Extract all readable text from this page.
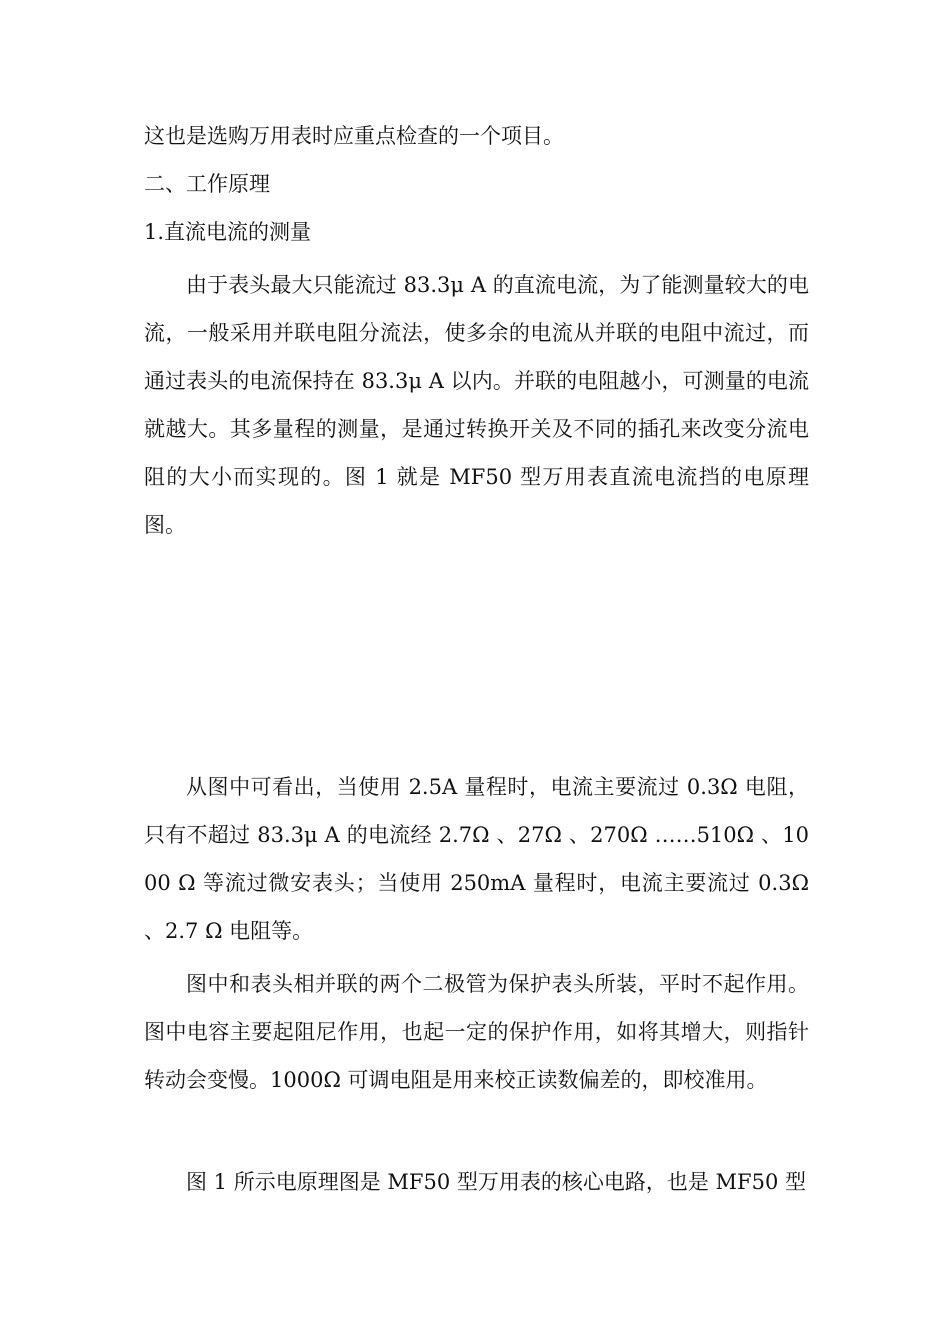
这也是选购万用表时应重点检查的一个项目。

二、工作原理

1.直流电流的测量

由于表头最大只能流过 83.3μ A 的直流电流，为了能测量较大的电流，一般采用并联电阻分流法，使多余的电流从并联的电阻中流过，而通过表头的电流保持在 83.3μ A 以内。并联的电阻越小，可测量的电流就越大。其多量程的测量，是通过转换开关及不同的插孔来改变分流电阻的大小而实现的。图 1 就是 MF50 型万用表直流电流挡的电原理图。

从图中可看出，当使用 2.5A 量程时，电流主要流过 0.3Ω 电阻，只有不超过 83.3μ A 的电流经 2.7Ω 、27Ω 、270Ω ……510Ω 、1000 Ω 等流过微安表头；当使用 250mA 量程时，电流主要流过 0.3Ω 、2.7 Ω 电阻等。

图中和表头相并联的两个二极管为保护表头所装，平时不起作用。图中电容主要起阻尼作用，也起一定的保护作用，如将其增大，则指针转动会变慢。1000Ω 可调电阻是用来校正读数偏差的，即校准用。

图 1 所示电原理图是 MF50 型万用表的核心电路，也是 MF50 型
